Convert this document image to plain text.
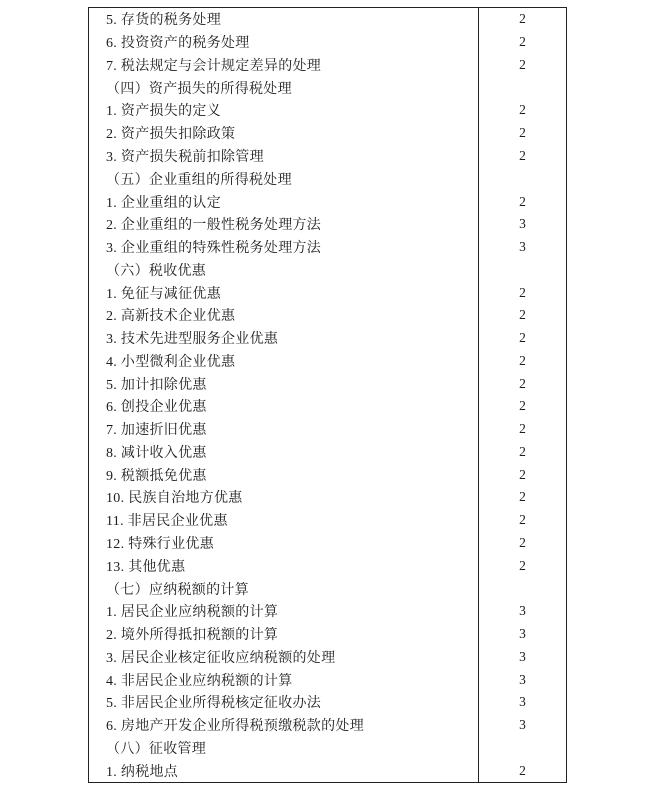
5. 存货的税务处理	2
6. 投资资产的税务处理	2
7. 税法规定与会计规定差异的处理	2
（四）资产损失的所得税处理
1. 资产损失的定义	2
2. 资产损失扣除政策	2
3. 资产损失税前扣除管理	2
（五）企业重组的所得税处理
1. 企业重组的认定	2
2. 企业重组的一般性税务处理方法	3
3. 企业重组的特殊性税务处理方法	3
（六）税收优惠
1. 免征与减征优惠	2
2. 高新技术企业优惠	2
3. 技术先进型服务企业优惠	2
4. 小型微利企业优惠	2
5. 加计扣除优惠	2
6. 创投企业优惠	2
7. 加速折旧优惠	2
8. 减计收入优惠	2
9. 税额抵免优惠	2
10. 民族自治地方优惠	2
11. 非居民企业优惠	2
12. 特殊行业优惠	2
13. 其他优惠	2
（七）应纳税额的计算
1. 居民企业应纳税额的计算	3
2. 境外所得抵扣税额的计算	3
3. 居民企业核定征收应纳税额的处理	3
4. 非居民企业应纳税额的计算	3
5. 非居民企业所得税核定征收办法	3
6. 房地产开发企业所得税预缴税款的处理	3
（八）征收管理
1. 纳税地点	2
